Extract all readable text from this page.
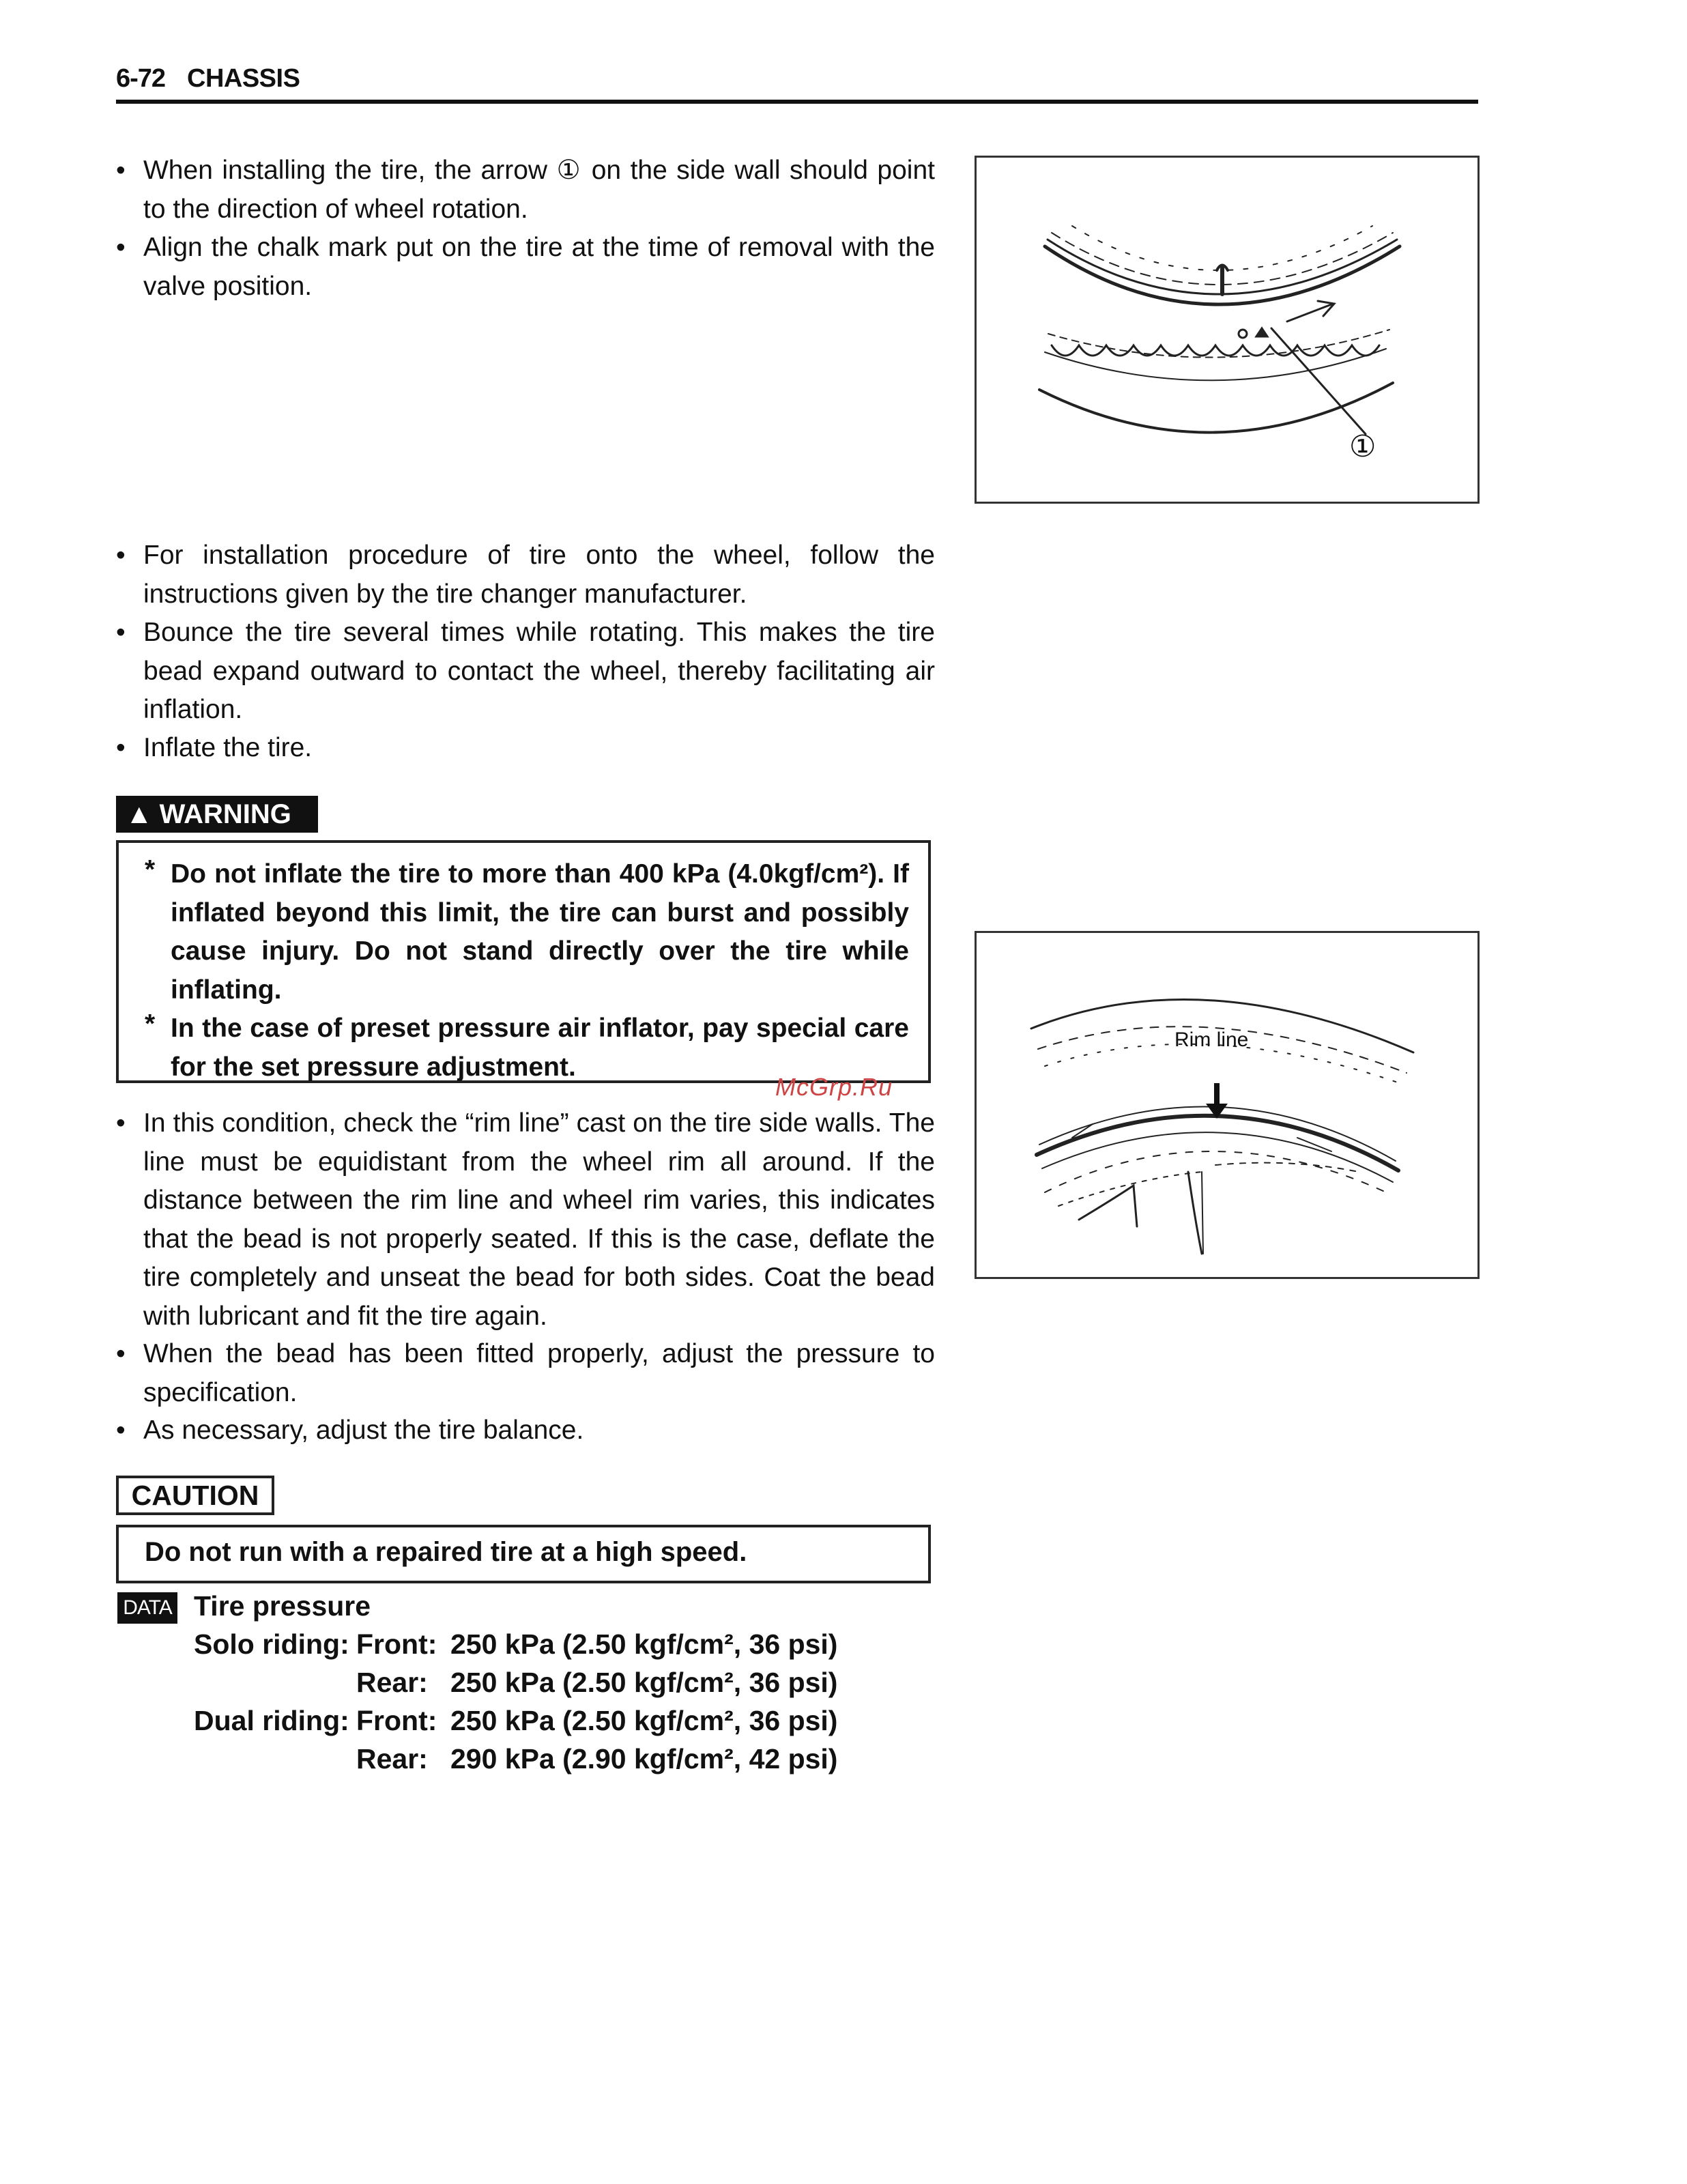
6-72 CHASSIS
• When installing the tire, the arrow ① on the side wall should point to the direction of wheel rotation.
• Align the chalk mark put on the tire at the time of removal with the valve position.
①
• For installation procedure of tire onto the wheel, follow the instructions given by the tire changer manufacturer.
• Bounce the tire several times while rotating. This makes the tire bead expand outward to contact the wheel, thereby facilitating air inflation.
• Inflate the tire.
▲ WARNING
* Do not inflate the tire to more than 400 kPa (4.0kgf/cm²). If inflated beyond this limit, the tire can burst and possibly cause injury. Do not stand directly over the tire while inflating.
* In the case of preset pressure air inflator, pay special care for the set pressure adjustment.
Rim line
• In this condition, check the “rim line” cast on the tire side walls. The line must be equidistant from the wheel rim all around. If the distance between the rim line and wheel rim varies, this indicates that the bead is not properly seated. If this is the case, deflate the tire completely and unseat the bead for both sides. Coat the bead with lubricant and fit the tire again.
• When the bead has been fitted properly, adjust the pressure to specification.
• As necessary, adjust the tire balance.
CAUTION
Do not run with a repaired tire at a high speed.
DATA Tire pressure
Solo riding: Front: 250 kPa (2.50 kgf/cm², 36 psi)
Rear: 250 kPa (2.50 kgf/cm², 36 psi)
Dual riding: Front: 250 kPa (2.50 kgf/cm², 36 psi)
Rear: 290 kPa (2.90 kgf/cm², 42 psi)
McGrp.Ru
